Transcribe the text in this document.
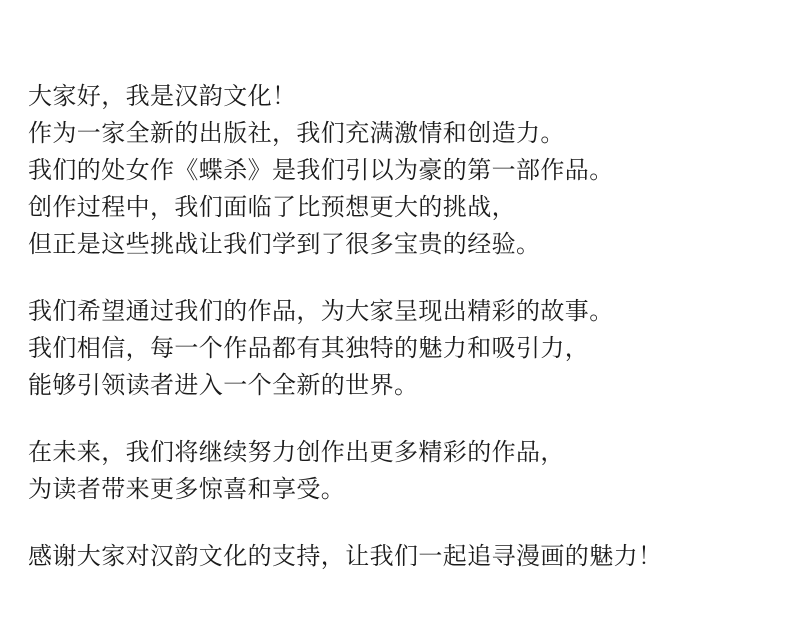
大家好，我是汉韵文化！
作为一家全新的出版社，我们充满激情和创造力。
我们的处女作《蝶杀》是我们引以为豪的第一部作品。
创作过程中，我们面临了比预想更大的挑战，
但正是这些挑战让我们学到了很多宝贵的经验。
我们希望通过我们的作品，为大家呈现出精彩的故事。
我们相信，每一个作品都有其独特的魅力和吸引力，
能够引领读者进入一个全新的世界。
在未来，我们将继续努力创作出更多精彩的作品，
为读者带来更多惊喜和享受。
感谢大家对汉韵文化的支持，让我们一起追寻漫画的魅力！
